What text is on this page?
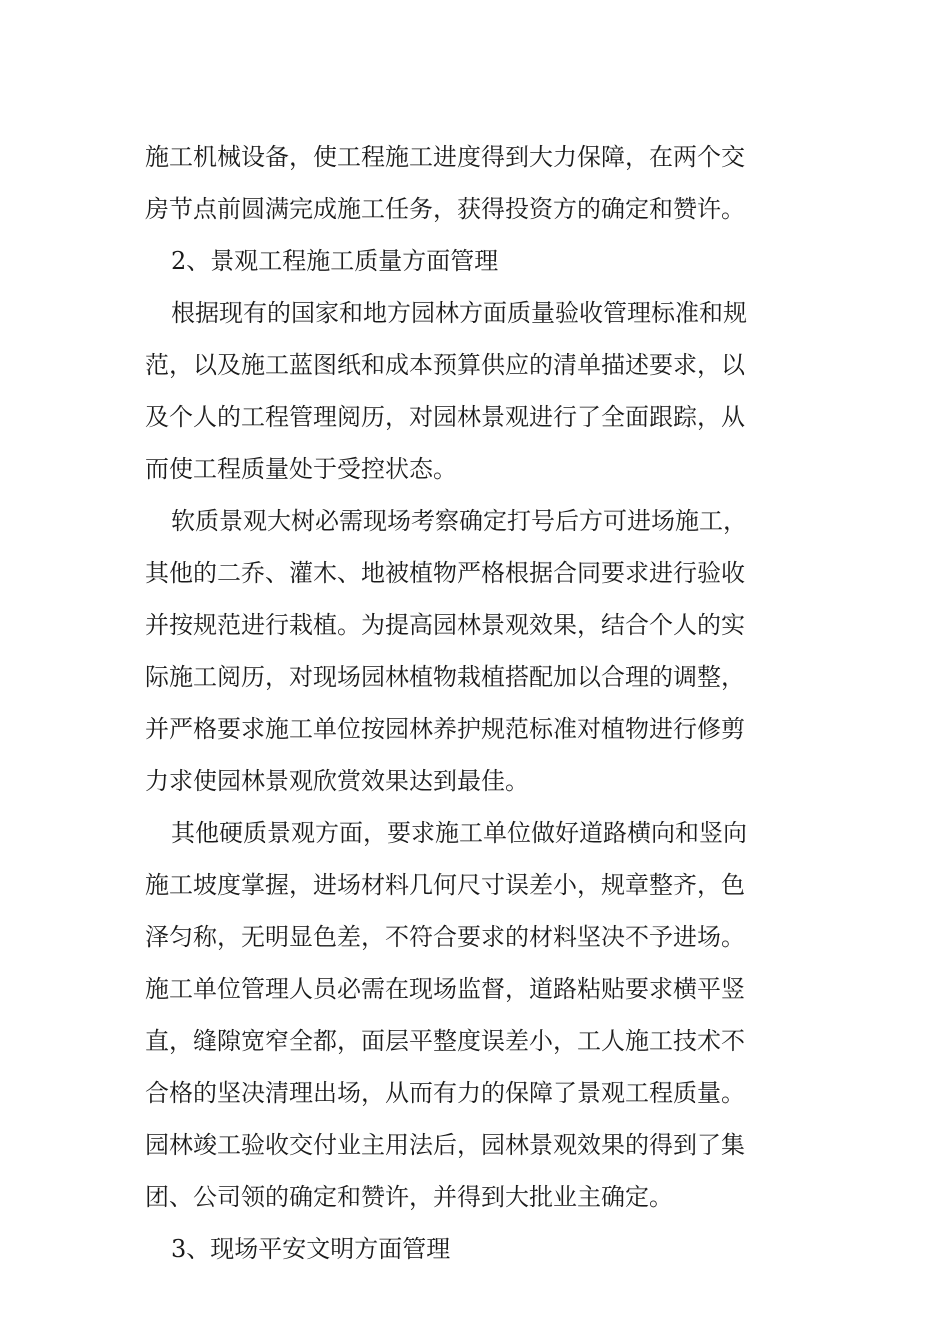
施工机械设备，使工程施工进度得到大力保障，在两个交
房节点前圆满完成施工任务，获得投资方的确定和赞许。
2、景观工程施工质量方面管理
根据现有的国家和地方园林方面质量验收管理标准和规
范，以及施工蓝图纸和成本预算供应的清单描述要求，以
及个人的工程管理阅历，对园林景观进行了全面跟踪，从
而使工程质量处于受控状态。
软质景观大树必需现场考察确定打号后方可进场施工，
其他的二乔、灌木、地被植物严格根据合同要求进行验收
并按规范进行栽植。为提高园林景观效果，结合个人的实
际施工阅历，对现场园林植物栽植搭配加以合理的调整，
并严格要求施工单位按园林养护规范标准对植物进行修剪
力求使园林景观欣赏效果达到最佳。
其他硬质景观方面，要求施工单位做好道路横向和竖向
施工坡度掌握，进场材料几何尺寸误差小，规章整齐，色
泽匀称，无明显色差，不符合要求的材料坚决不予进场。
施工单位管理人员必需在现场监督，道路粘贴要求横平竖
直，缝隙宽窄全都，面层平整度误差小，工人施工技术不
合格的坚决清理出场，从而有力的保障了景观工程质量。
园林竣工验收交付业主用法后，园林景观效果的得到了集
团、公司领的确定和赞许，并得到大批业主确定。
3、现场平安文明方面管理
